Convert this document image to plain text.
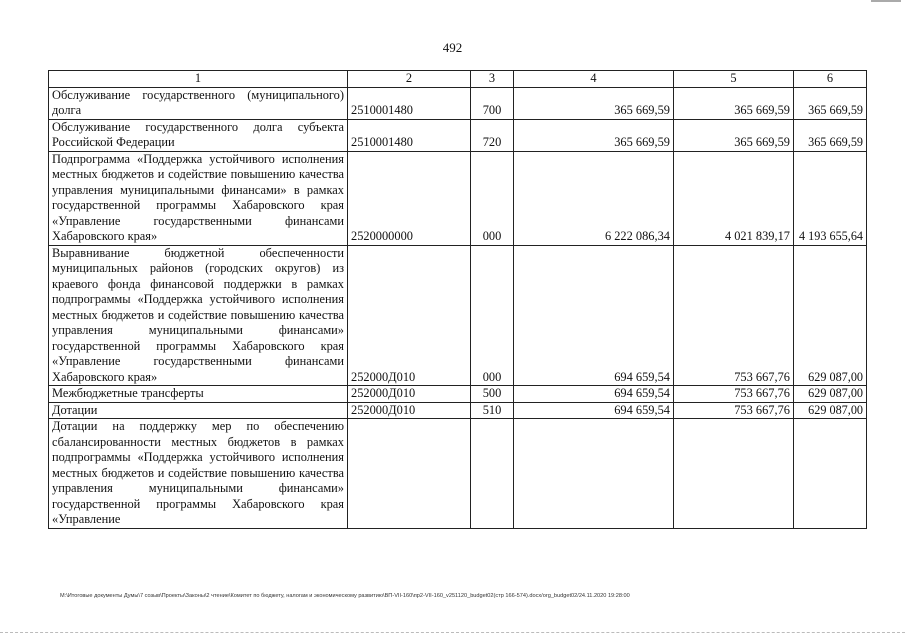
492
1	2	3	4	5	6
Обслуживание государственного (муниципального) долга	2510001480	700	365 669,59	365 669,59	365 669,59
Обслуживание государственного долга субъекта Российской Федерации	2510001480	720	365 669,59	365 669,59	365 669,59
Подпрограмма «Поддержка устойчивого исполнения местных бюджетов и содействие повышению качества управления муниципальными финансами» в рамках государственной программы Хабаровского края «Управление государственными финансами Хабаровского края»	2520000000	000	6 222 086,34	4 021 839,17	4 193 655,64
Выравнивание бюджетной обеспеченности муниципальных районов (городских округов) из краевого фонда финансовой поддержки в рамках подпрограммы «Поддержка устойчивого исполнения местных бюджетов и содействие повышению качества управления муниципальными финансами» государственной программы Хабаровского края «Управление государственными финансами Хабаровского края»	252000Д010	000	694 659,54	753 667,76	629 087,00
Межбюджетные трансферты	252000Д010	500	694 659,54	753 667,76	629 087,00
Дотации	252000Д010	510	694 659,54	753 667,76	629 087,00
Дотации на поддержку мер по обеспечению сбалансированности местных бюджетов в рамках подпрограммы «Поддержка устойчивого исполнения местных бюджетов и содействие повышению качества управления муниципальными финансами» государственной программы Хабаровского края «Управление					
M:\Итоговые документы Думы\7 созыв\Проекты\Законы\2 чтение\Комитет по бюджету, налогам и экономическому развитию\ВП-VII-160\пр2-VII-160_v251120_budget02(стр 166-574).docx/org_budget02/24.11.2020 19:28:00
